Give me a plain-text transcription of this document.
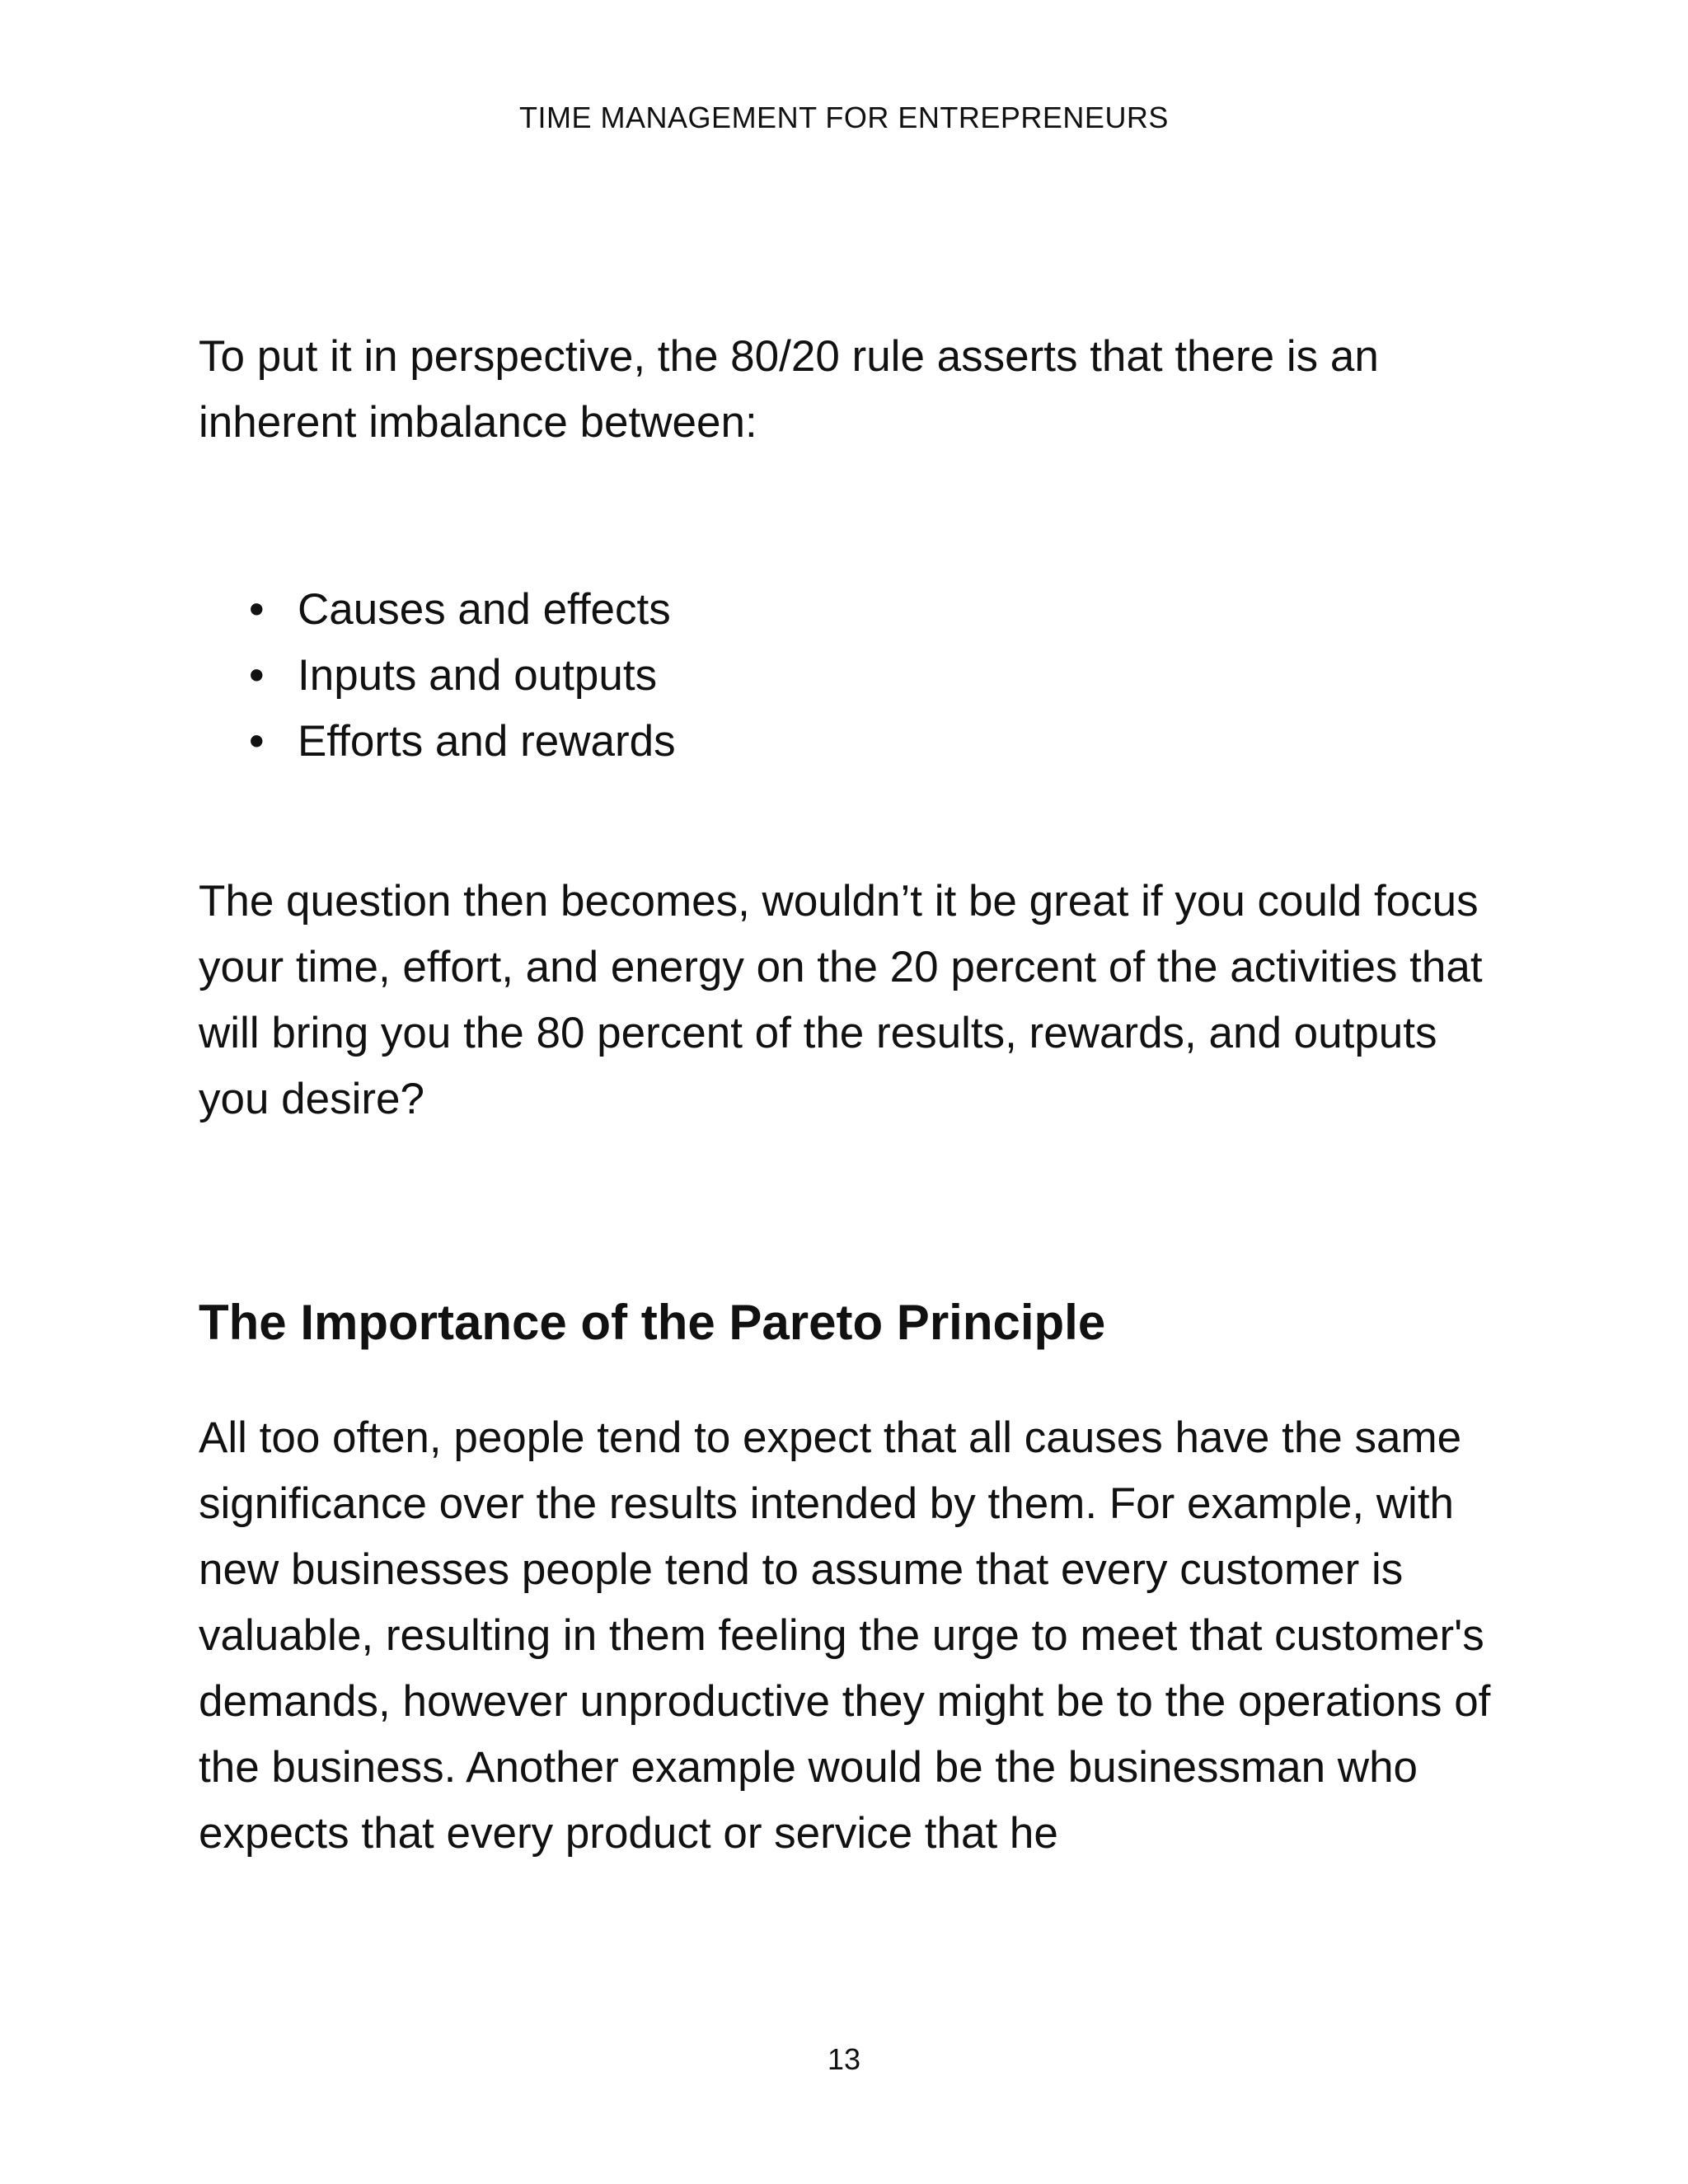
TIME MANAGEMENT FOR ENTREPRENEURS

To put it in perspective, the 80/20 rule asserts that there is an inherent imbalance between:

• Causes and effects
• Inputs and outputs
• Efforts and rewards

The question then becomes, wouldn’t it be great if you could focus your time, effort, and energy on the 20 percent of the activities that will bring you the 80 percent of the results, rewards, and outputs you desire?

The Importance of the Pareto Principle

All too often, people tend to expect that all causes have the same significance over the results intended by them. For example, with new businesses people tend to assume that every customer is valuable, resulting in them feeling the urge to meet that customer's demands, however unproductive they might be to the operations of the business. Another example would be the businessman who expects that every product or service that he

13
